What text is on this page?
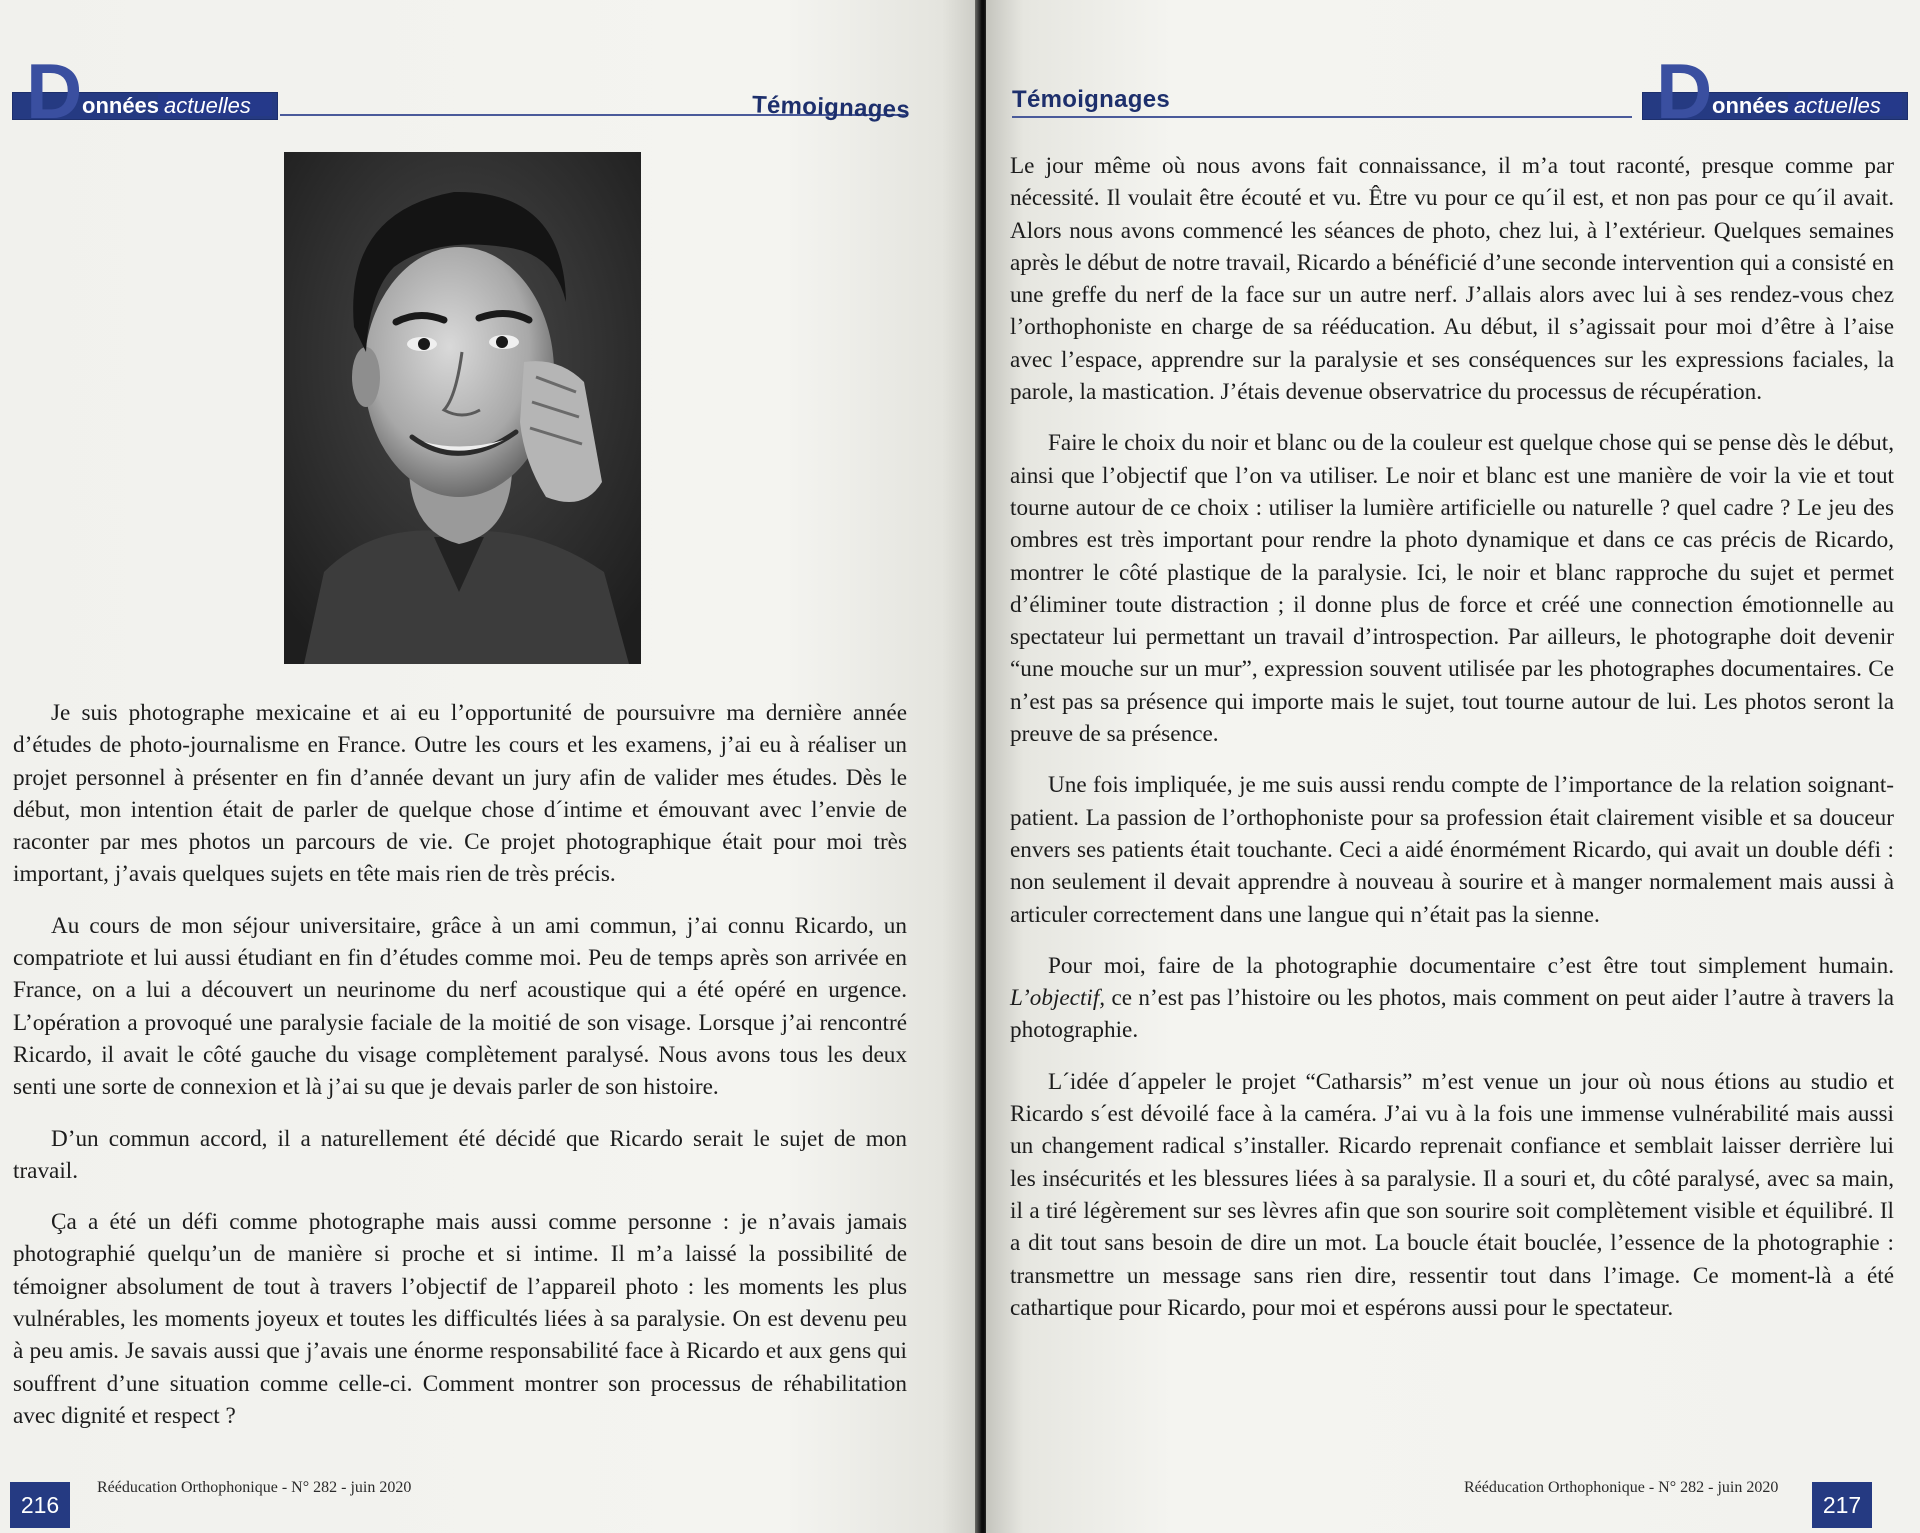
D onnées actuelles	Témoignages

Je suis photographe mexicaine et ai eu l’opportunité de poursuivre ma dernière année d’études de photo-journalisme en France. Outre les cours et les examens, j’ai eu à réaliser un projet personnel à présenter en fin d’année devant un jury afin de valider mes études. Dès le début, mon intention était de parler de quelque chose d´intime et émouvant avec l’envie de raconter par mes photos un parcours de vie. Ce projet photographique était pour moi très important, j’avais quelques sujets en tête mais rien de très précis.

Au cours de mon séjour universitaire, grâce à un ami commun, j’ai connu Ricardo, un compatriote et lui aussi étudiant en fin d’études comme moi. Peu de temps après son arrivée en France, on a lui a découvert un neurinome du nerf acoustique qui a été opéré en urgence. L’opération a provoqué une paralysie faciale de la moitié de son visage. Lorsque j’ai rencontré Ricardo, il avait le côté gauche du visage complètement paralysé. Nous avons tous les deux senti une sorte de connexion et là j’ai su que je devais parler de son histoire.

D’un commun accord, il a naturellement été décidé que Ricardo serait le sujet de mon travail.

Ça a été un défi comme photographe mais aussi comme personne : je n’avais jamais photographié quelqu’un de manière si proche et si intime. Il m’a laissé la possibilité de témoigner absolument de tout à travers l’objectif de l’appareil photo : les moments les plus vulnérables, les moments joyeux et toutes les difficultés liées à sa paralysie. On est devenu peu à peu amis. Je savais aussi que j’avais une énorme responsabilité face à Ricardo et aux gens qui souffrent d’une situation comme celle-ci. Comment montrer son processus de réhabilitation avec dignité et respect ?

216
Rééducation Orthophonique - N° 282 - juin 2020
Témoignages	D onnées actuelles

Le jour même où nous avons fait connaissance, il m’a tout raconté, presque comme par nécessité. Il voulait être écouté et vu. Être vu pour ce qu´il est, et non pas pour ce qu´il avait. Alors nous avons commencé les séances de photo, chez lui, à l’extérieur. Quelques semaines après le début de notre travail, Ricardo a bénéficié d’une seconde intervention qui a consisté en une greffe du nerf de la face sur un autre nerf. J’allais alors avec lui à ses rendez-vous chez l’orthophoniste en charge de sa rééducation. Au début, il s’agissait pour moi d’être à l’aise avec l’espace, apprendre sur la paralysie et ses conséquences sur les expressions faciales, la parole, la mastication. J’étais devenue observatrice du processus de récupération.

Faire le choix du noir et blanc ou de la couleur est quelque chose qui se pense dès le début, ainsi que l’objectif que l’on va utiliser. Le noir et blanc est une manière de voir la vie et tout tourne autour de ce choix : utiliser la lumière artificielle ou naturelle ? quel cadre ? Le jeu des ombres est très important pour rendre la photo dynamique et dans ce cas précis de Ricardo, montrer le côté plastique de la paralysie. Ici, le noir et blanc rapproche du sujet et permet d’éliminer toute distraction ; il donne plus de force et créé une connection émotionnelle au spectateur lui permettant un travail d’introspection. Par ailleurs, le photographe doit devenir “une mouche sur un mur”, expression souvent utilisée par les photographes documentaires. Ce n’est pas sa présence qui importe mais le sujet, tout tourne autour de lui. Les photos seront la preuve de sa présence.

Une fois impliquée, je me suis aussi rendu compte de l’importance de la relation soignant-patient. La passion de l’orthophoniste pour sa profession était clairement visible et sa douceur envers ses patients était touchante. Ceci a aidé énormément Ricardo, qui avait un double défi : non seulement il devait apprendre à nouveau à sourire et à manger normalement mais aussi à articuler correctement dans une langue qui n’était pas la sienne.

Pour moi, faire de la photographie documentaire c’est être tout simplement humain. L’objectif, ce n’est pas l’histoire ou les photos, mais comment on peut aider l’autre à travers la photographie.

L´idée d´appeler le projet “Catharsis” m’est venue un jour où nous étions au studio et Ricardo s´est dévoilé face à la caméra. J’ai vu à la fois une immense vulnérabilité mais aussi un changement radical s’installer. Ricardo reprenait confiance et semblait laisser derrière lui les insécurités et les blessures liées à sa paralysie. Il a souri et, du côté paralysé, avec sa main, il a tiré légèrement sur ses lèvres afin que son sourire soit complètement visible et équilibré. Il a dit tout sans besoin de dire un mot. La boucle était bouclée, l’essence de la photographie : transmettre un message sans rien dire, ressentir tout dans l’image. Ce moment-là a été cathartique pour Ricardo, pour moi et espérons aussi pour le spectateur.

Rééducation Orthophonique - N° 282 - juin 2020
217
